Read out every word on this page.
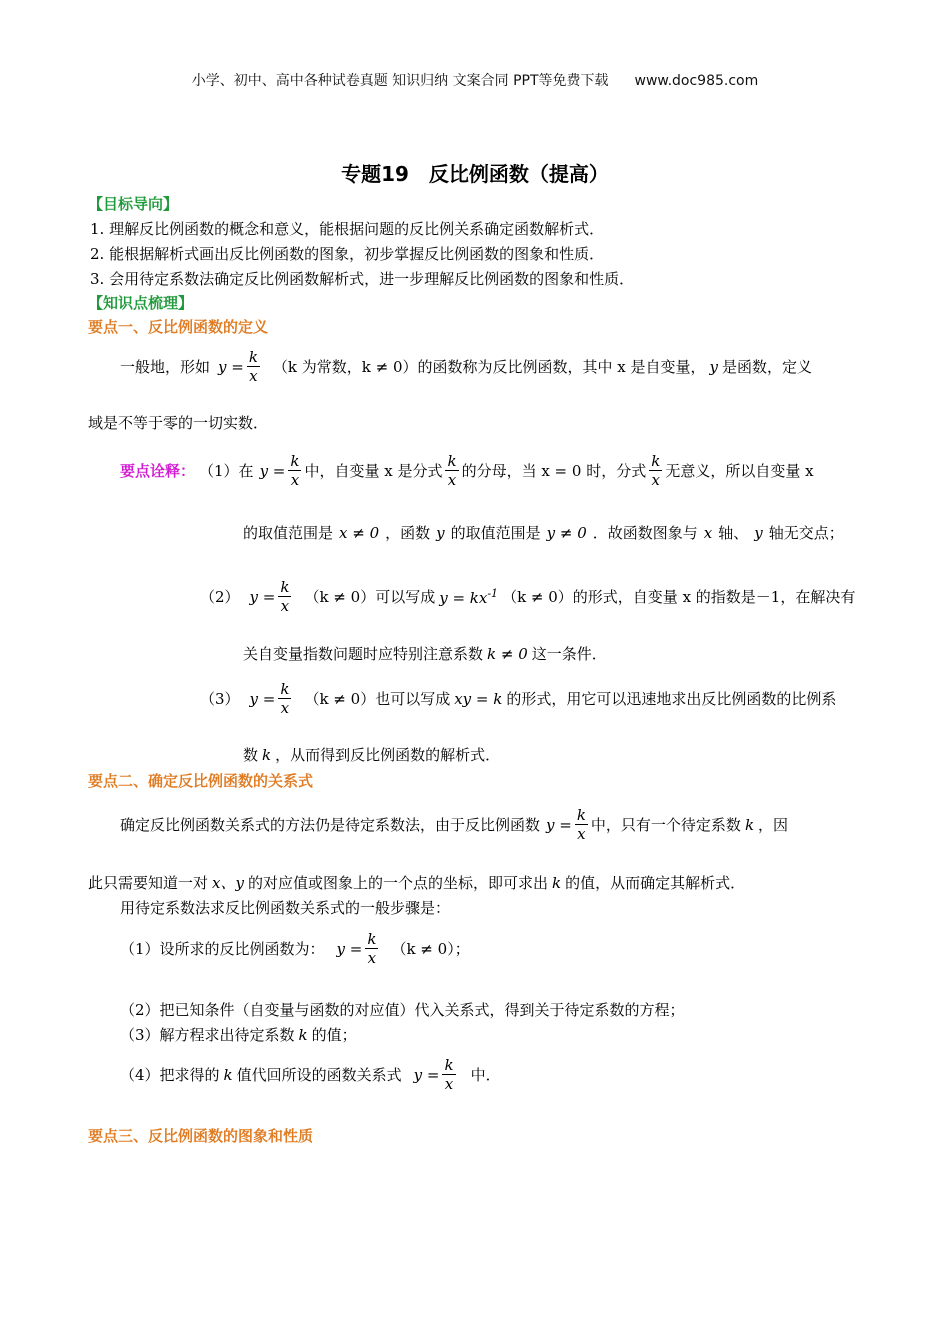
小学、初中、高中各种试卷真题 知识归纳 文案合同 PPT等免费下载 www.doc985.com
专题19　反比例函数（提高）
【目标导向】
1. 理解反比例函数的概念和意义，能根据问题的反比例关系确定函数解析式．
2. 能根据解析式画出反比例函数的图象，初步掌握反比例函数的图象和性质．
3. 会用待定系数法确定反比例函数解析式，进一步理解反比例函数的图象和性质．
【知识点梳理】
要点一、反比例函数的定义
一般地，形如 $y = \frac{k}{x} (k$ 为常数，k ≠ 0）的函数称为反比例函数，其中 x 是自变量， y 是函数，定义
域是不等于零的一切实数．
要点诠释： （1）在 $y = \frac{k}{x}$ 中，自变量 x 是分式 $\frac{k}{x}$ 的分母，当 x = 0 时，分式 $\frac{k}{x}$ 无意义，所以自变量 x
的取值范围是 x ≠ 0 ，函数 y 的取值范围是 y ≠ 0 ．故函数图象与 x 轴、 y 轴无交点；
（2） $y = \frac{k}{x} (k \ne 0)$可以写成 $y = kx^{-1}$ （k ≠ 0）的形式，自变量 x 的指数是－1，在解决有
关自变量指数问题时应特别注意系数 k ≠ 0 这一条件．
（3） $y = \frac{k}{x} (k \ne 0)$也可以写成 xy = k 的形式，用它可以迅速地求出反比例函数的比例系
数 k ，从而得到反比例函数的解析式．
要点二、确定反比例函数的关系式
确定反比例函数关系式的方法仍是待定系数法，由于反比例函数 $y = \frac{k}{x}$ 中，只有一个待定系数 k ，因
此只需要知道一对 x、y 的对应值或图象上的一个点的坐标，即可求出 k 的值，从而确定其解析式．
用待定系数法求反比例函数关系式的一般步骤是：
（1）设所求的反比例函数为： $y = \frac{k}{x} (k \ne 0)$；
（2）把已知条件（自变量与函数的对应值）代入关系式，得到关于待定系数的方程；
（3）解方程求出待定系数 k 的值；
（4）把求得的 k 值代回所设的函数关系式 $y = \frac{k}{x}$ 中．
要点三、反比例函数的图象和性质
